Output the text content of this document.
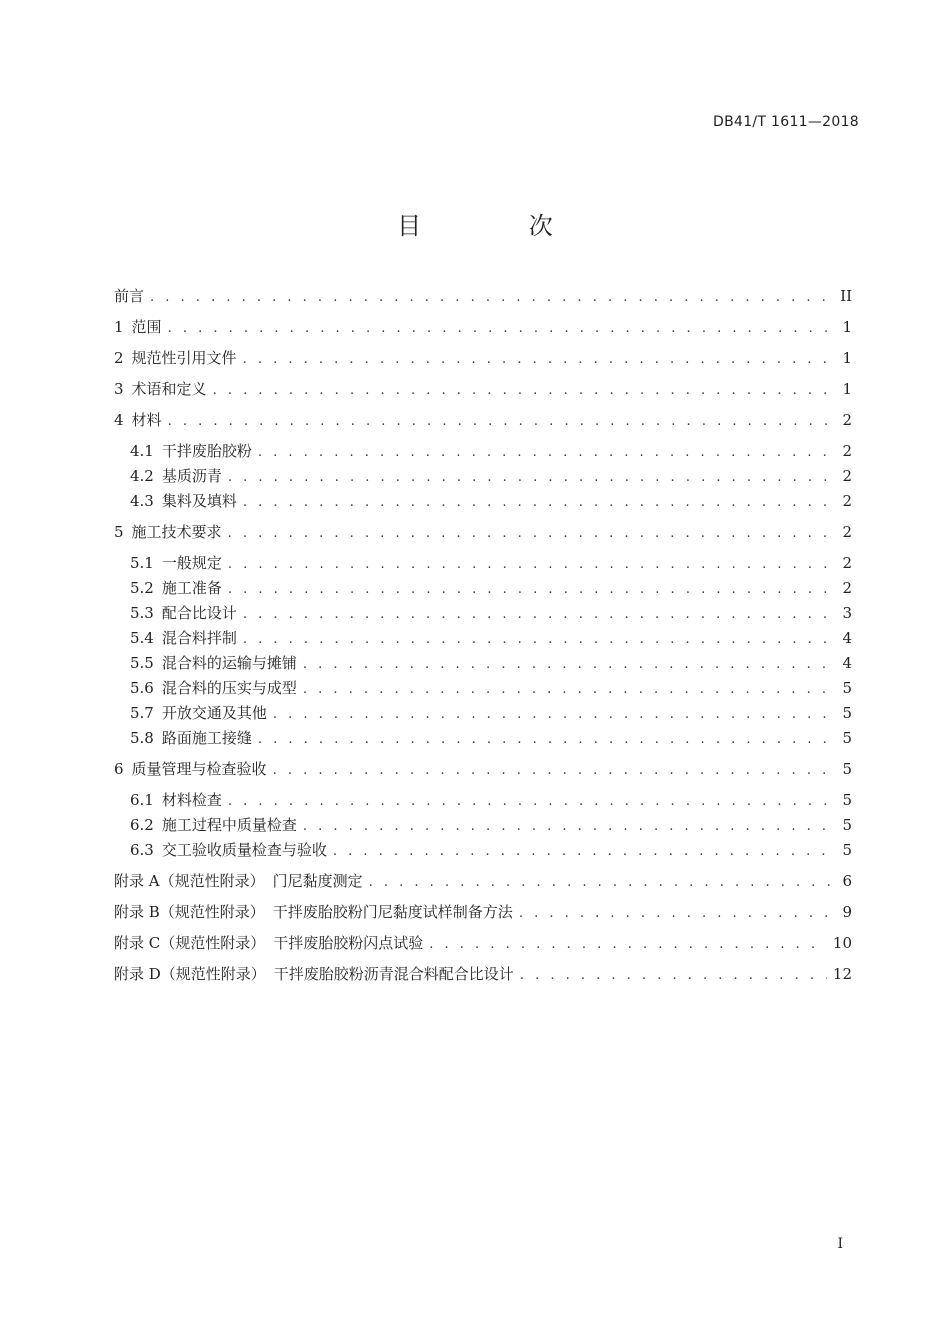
DB41/T 1611—2018
目 次
前言 . . .	II
1 范围 . . .	1
2 规范性引用文件 . . .	1
3 术语和定义 . . .	1
4 材料 . . .	2
4.1 干拌废胎胶粉 . . .	2
4.2 基质沥青 . . .	2
4.3 集料及填料 . . .	2
5 施工技术要求 . . .	2
5.1 一般规定 . . .	2
5.2 施工准备 . . .	2
5.3 配合比设计 . . .	3
5.4 混合料拌制 . . .	4
5.5 混合料的运输与摊铺 . . .	4
5.6 混合料的压实与成型 . . .	5
5.7 开放交通及其他 . . .	5
5.8 路面施工接缝 . . .	5
6 质量管理与检查验收 . . .	5
6.1 材料检查 . . .	5
6.2 施工过程中质量检查 . . .	5
6.3 交工验收质量检查与验收 . . .	5
附录 A（规范性附录） 门尼黏度测定 . . .	6
附录 B（规范性附录） 干拌废胎胶粉门尼黏度试样制备方法 . . .	9
附录 C（规范性附录） 干拌废胎胶粉闪点试验 . . .	10
附录 D（规范性附录） 干拌废胎胶粉沥青混合料配合比设计 . . .	12
I
